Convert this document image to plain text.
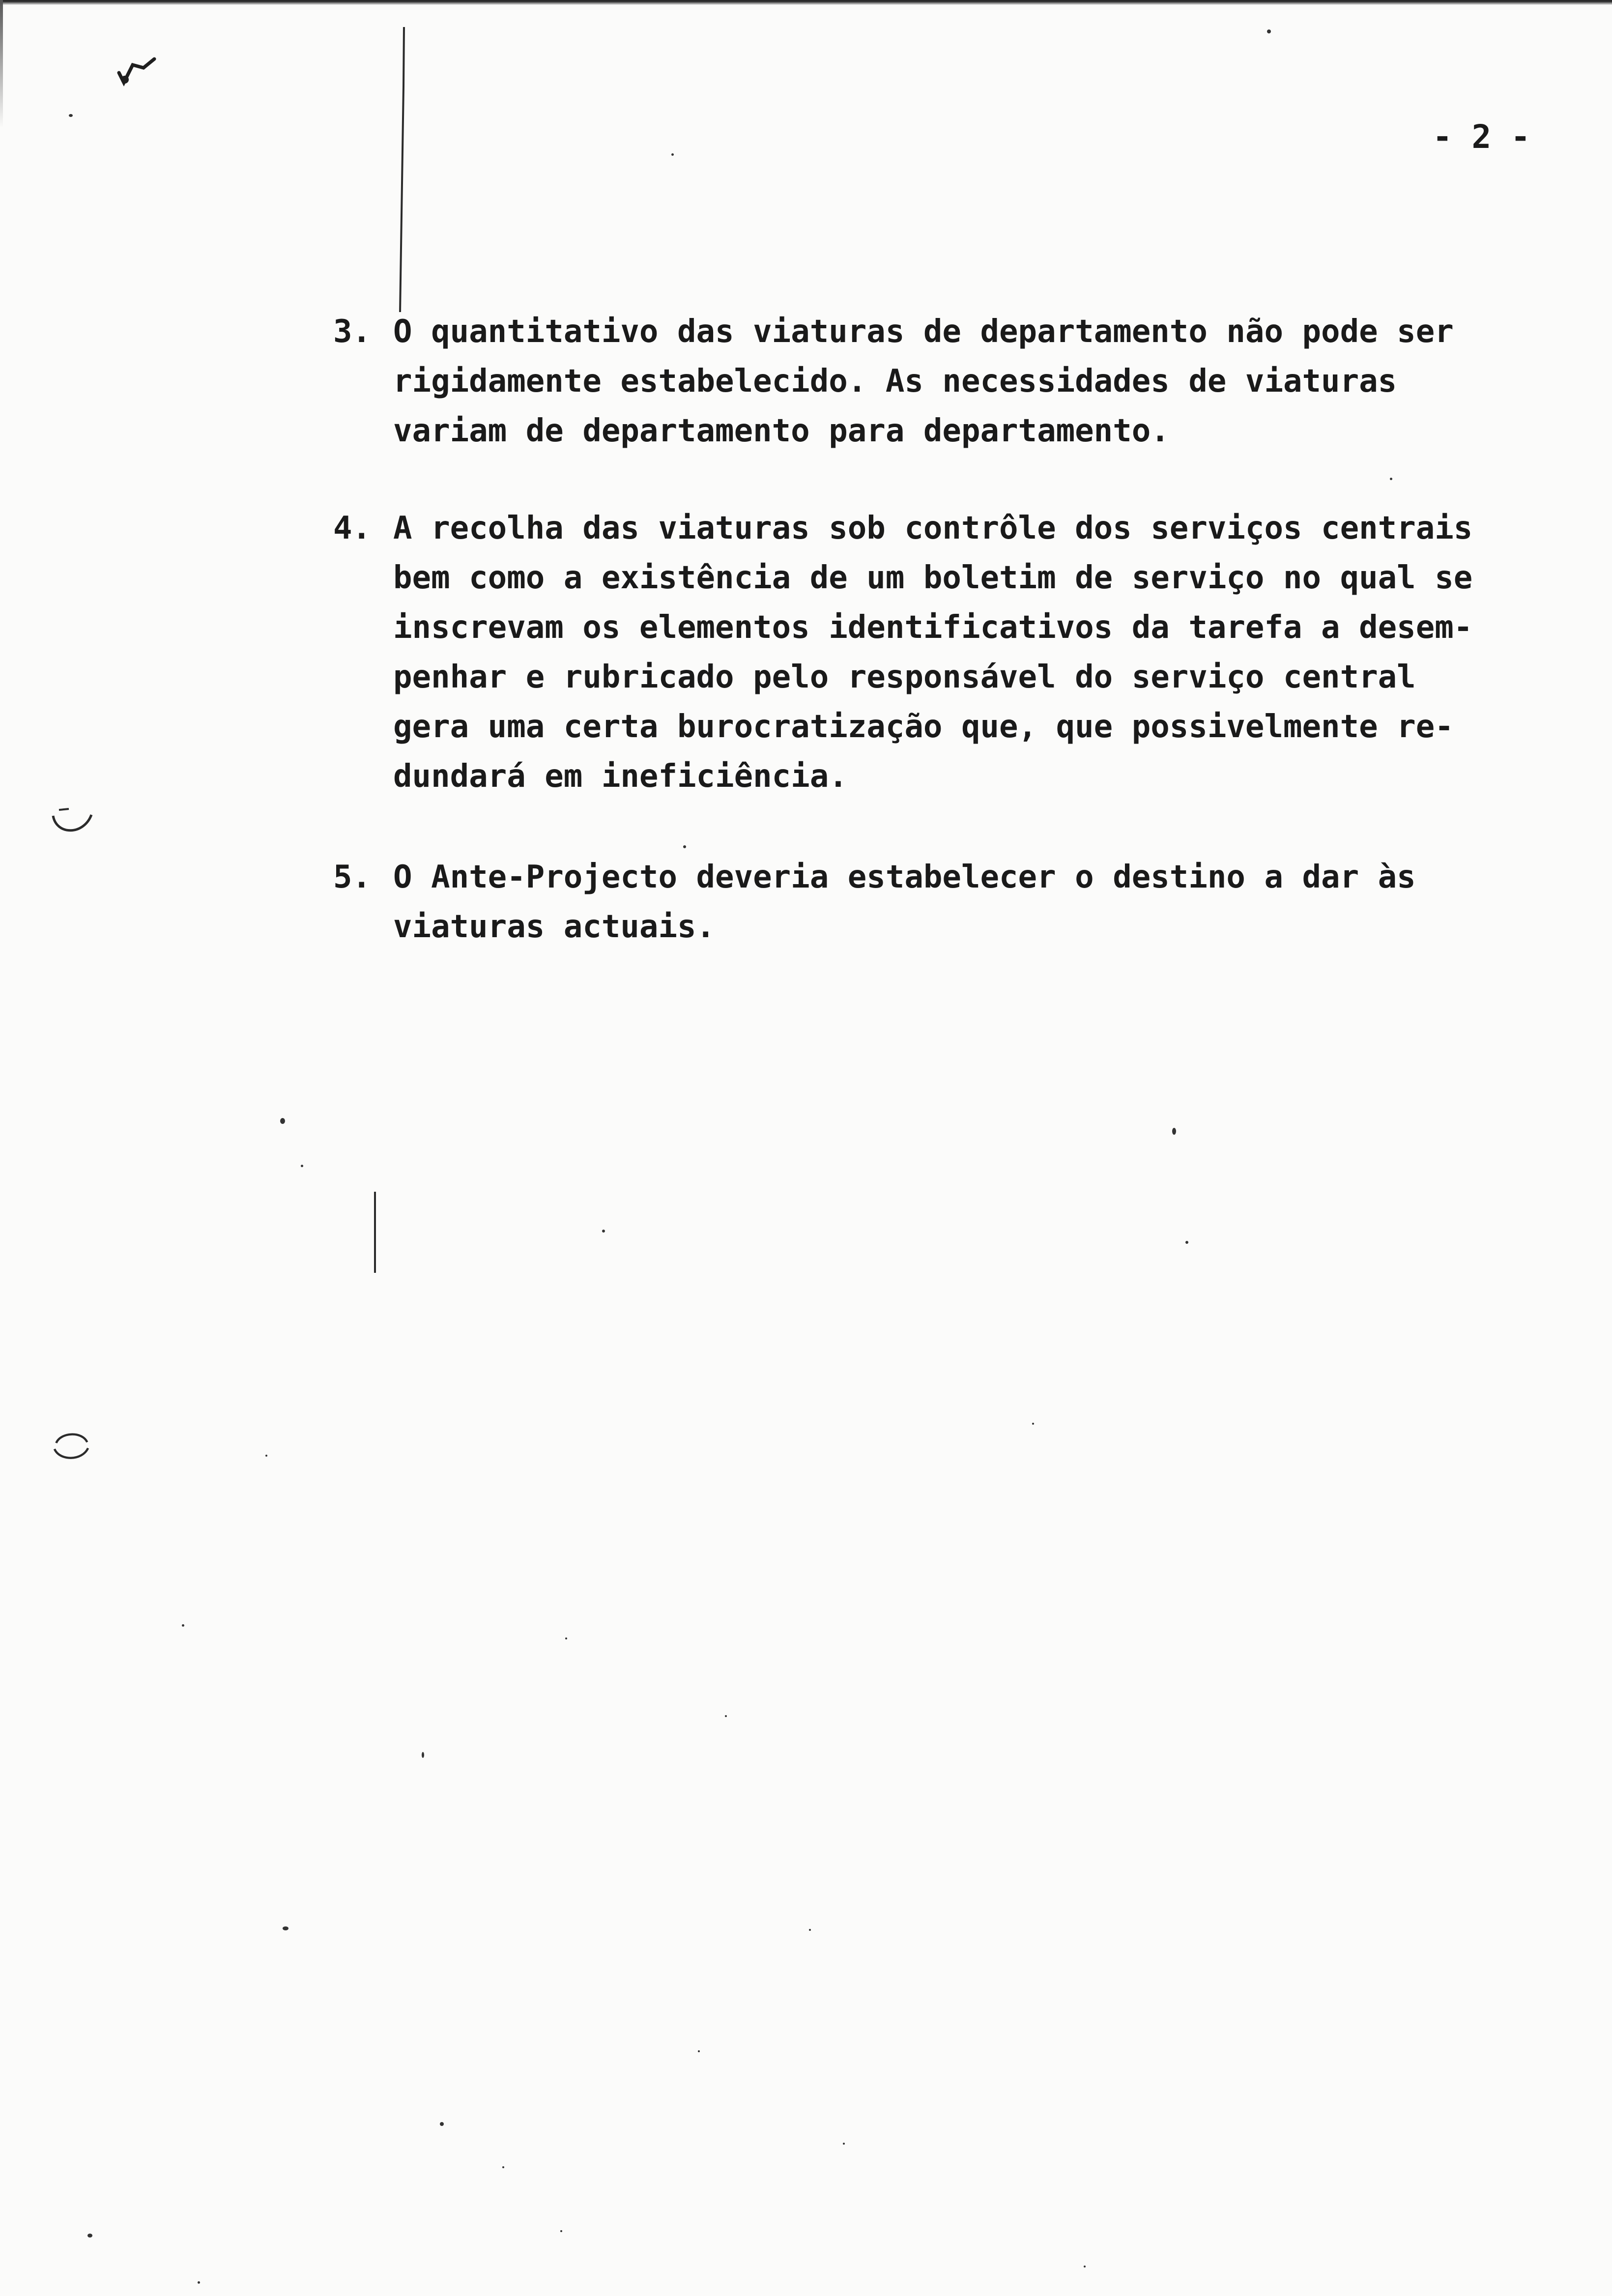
- 2 -

3. O quantitativo das viaturas de departamento não pode ser
rigidamente estabelecido. As necessidades de viaturas
variam de departamento para departamento.
4. A recolha das viaturas sob contrôle dos serviços centrais
bem como a existência de um boletim de serviço no qual se
inscrevam os elementos identificativos da tarefa a desem-
penhar e rubricado pelo responsável do serviço central
gera uma certa burocratização que, que possivelmente re-
dundará em ineficiência.
5. O Ante-Projecto deveria estabelecer o destino a dar às
viaturas actuais.
